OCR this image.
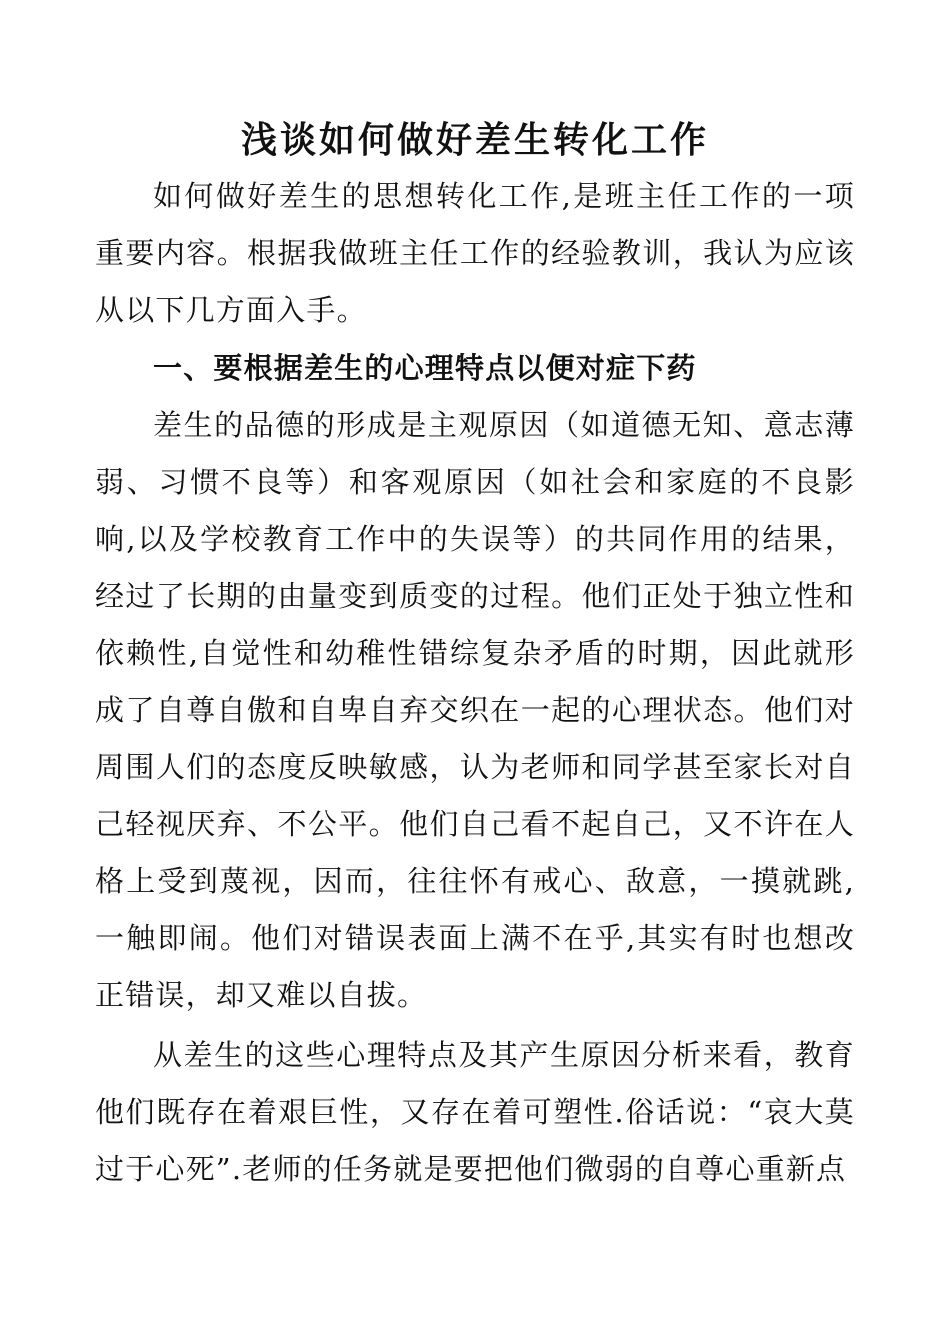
浅谈如何做好差生转化工作

如何做好差生的思想转化工作,是班主任工作的一项重要内容。根据我做班主任工作的经验教训，我认为应该从以下几方面入手。

一、要根据差生的心理特点以便对症下药

差生的品德的形成是主观原因（如道德无知、意志薄弱、习惯不良等）和客观原因（如社会和家庭的不良影响,以及学校教育工作中的失误等）的共同作用的结果，经过了长期的由量变到质变的过程。他们正处于独立性和依赖性,自觉性和幼稚性错综复杂矛盾的时期，因此就形成了自尊自傲和自卑自弃交织在一起的心理状态。他们对周围人们的态度反映敏感，认为老师和同学甚至家长对自己轻视厌弃、不公平。他们自己看不起自己，又不许在人格上受到蔑视，因而，往往怀有戒心、敌意，一摸就跳,一触即闹。他们对错误表面上满不在乎,其实有时也想改正错误，却又难以自拔。

从差生的这些心理特点及其产生原因分析来看，教育他们既存在着艰巨性，又存在着可塑性.俗话说：“哀大莫过于心死”.老师的任务就是要把他们微弱的自尊心重新点
